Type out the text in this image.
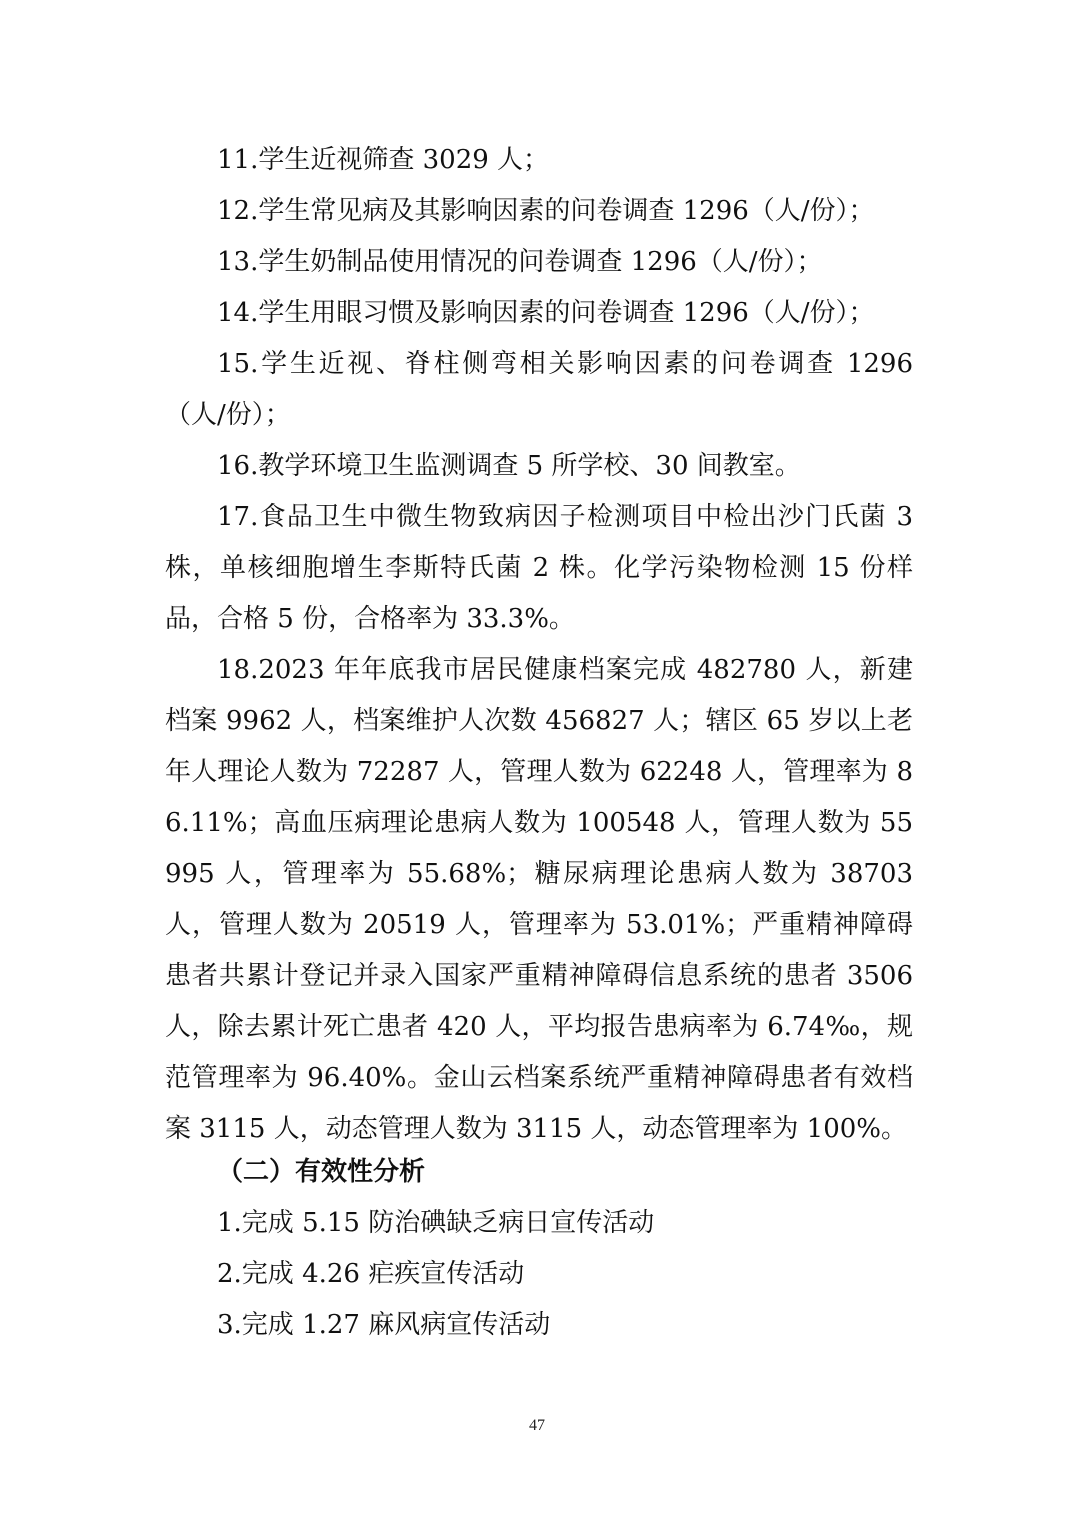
11.学生近视筛查 3029 人；

12.学生常见病及其影响因素的问卷调查 1296（人/份）；

13.学生奶制品使用情况的问卷调查 1296（人/份）；

14.学生用眼习惯及影响因素的问卷调查 1296（人/份）；

15.学生近视、脊柱侧弯相关影响因素的问卷调查 1296（人/份）；

16.教学环境卫生监测调查 5 所学校、30 间教室。

17.食品卫生中微生物致病因子检测项目中检出沙门氏菌 3 株，单核细胞增生李斯特氏菌 2 株。化学污染物检测 15 份样品，合格 5 份，合格率为 33.3%。

18.2023 年年底我市居民健康档案完成 482780 人，新建档案 9962 人，档案维护人次数 456827 人；辖区 65 岁以上老年人理论人数为 72287 人，管理人数为 62248 人，管理率为 86.11%；高血压病理论患病人数为 100548 人，管理人数为 55995 人，管理率为 55.68%；糖尿病理论患病人数为 38703 人，管理人数为 20519 人，管理率为 53.01%；严重精神障碍患者共累计登记并录入国家严重精神障碍信息系统的患者 3506 人，除去累计死亡患者 420 人，平均报告患病率为 6.74‰，规范管理率为 96.40%。金山云档案系统严重精神障碍患者有效档案 3115 人，动态管理人数为 3115 人，动态管理率为 100%。

（二）有效性分析

1.完成 5.15 防治碘缺乏病日宣传活动

2.完成 4.26 疟疾宣传活动

3.完成 1.27 麻风病宣传活动

47
